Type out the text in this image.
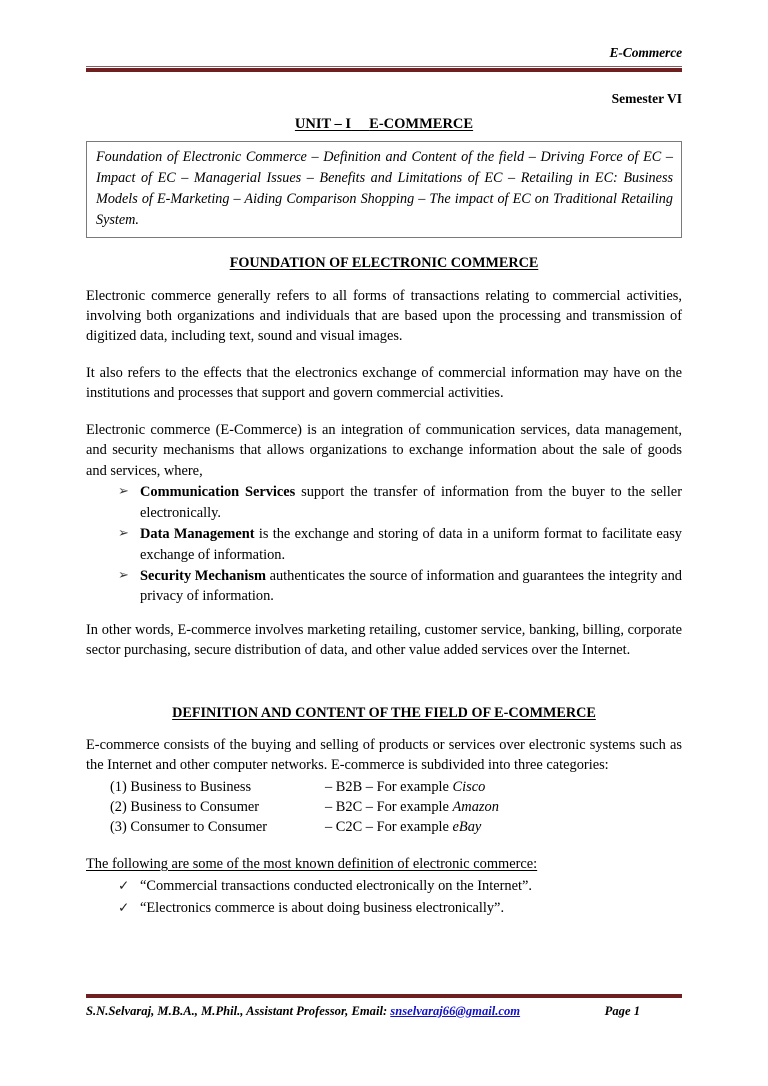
E-Commerce
Semester VI
UNIT – I E-COMMERCE

Foundation of Electronic Commerce – Definition and Content of the field – Driving Force of EC – Impact of EC – Managerial Issues – Benefits and Limitations of EC – Retailing in EC: Business Models of E-Marketing – Aiding Comparison Shopping – The impact of EC on Traditional Retailing System.

FOUNDATION OF ELECTRONIC COMMERCE

Electronic commerce generally refers to all forms of transactions relating to commercial activities, involving both organizations and individuals that are based upon the processing and transmission of digitized data, including text, sound and visual images.

It also refers to the effects that the electronics exchange of commercial information may have on the institutions and processes that support and govern commercial activities.

Electronic commerce (E-Commerce) is an integration of communication services, data management, and security mechanisms that allows organizations to exchange information about the sale of goods and services, where,

➢ Communication Services support the transfer of information from the buyer to the seller electronically.
➢ Data Management is the exchange and storing of data in a uniform format to facilitate easy exchange of information.
➢ Security Mechanism authenticates the source of information and guarantees the integrity and privacy of information.

In other words, E-commerce involves marketing retailing, customer service, banking, billing, corporate sector purchasing, secure distribution of data, and other value added services over the Internet.

DEFINITION AND CONTENT OF THE FIELD OF E-COMMERCE

E-commerce consists of the buying and selling of products or services over electronic systems such as the Internet and other computer networks. E-commerce is subdivided into three categories:

(1) Business to Business	– B2B – For example Cisco
(2) Business to Consumer	– B2C – For example Amazon
(3) Consumer to Consumer	– C2C – For example eBay

The following are some of the most known definition of electronic commerce:

✓ “Commercial transactions conducted electronically on the Internet”.
✓ “Electronics commerce is about doing business electronically”.
S.N.Selvaraj, M.B.A., M.Phil., Assistant Professor, Email: snselvaraj66@gmail.com	Page 1
